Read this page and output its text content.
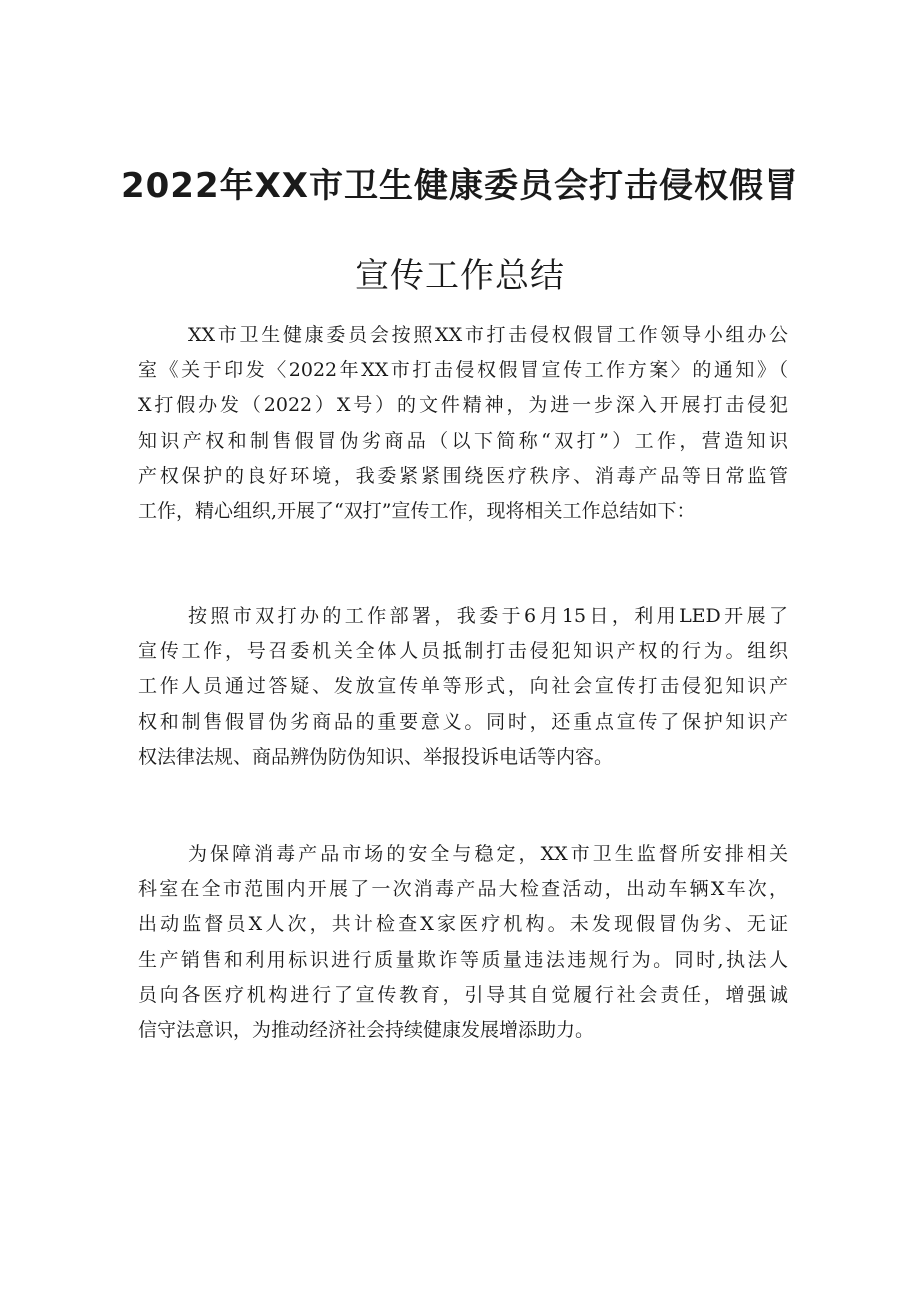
2022年XX市卫生健康委员会打击侵权假冒
宣传工作总结
XX市卫生健康委员会按照XX市打击侵权假冒工作领导小组办公
室《关于印发〈2022年XX市打击侵权假冒宣传工作方案〉的通知》（
X打假办发（2022）X号）的文件精神，为进一步深入开展打击侵犯
知识产权和制售假冒伪劣商品（以下简称“双打”）工作，营造知识
产权保护的良好环境，我委紧紧围绕医疗秩序、消毒产品等日常监管
工作，精心组织,开展了“双打”宣传工作，现将相关工作总结如下：
按照市双打办的工作部署，我委于6月15日，利用LED开展了
宣传工作，号召委机关全体人员抵制打击侵犯知识产权的行为。组织
工作人员通过答疑、发放宣传单等形式，向社会宣传打击侵犯知识产
权和制售假冒伪劣商品的重要意义。同时，还重点宣传了保护知识产
权法律法规、商品辨伪防伪知识、举报投诉电话等内容。
为保障消毒产品市场的安全与稳定，XX市卫生监督所安排相关
科室在全市范围内开展了一次消毒产品大检查活动，出动车辆X车次，
出动监督员X人次，共计检查X家医疗机构。未发现假冒伪劣、无证
生产销售和利用标识进行质量欺诈等质量违法违规行为。同时,执法人
员向各医疗机构进行了宣传教育，引导其自觉履行社会责任，增强诚
信守法意识，为推动经济社会持续健康发展增添助力。
